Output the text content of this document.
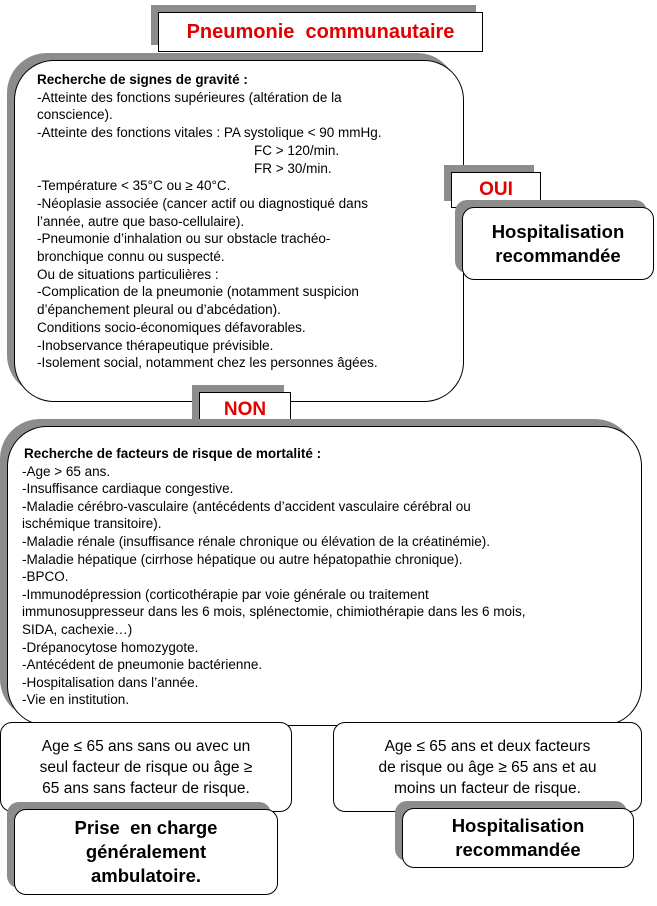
Pneumonie  communautaire
Recherche de signes de gravité :
-Atteinte des fonctions supérieures (altération de la
conscience).
-Atteinte des fonctions vitales : PA systolique < 90 mmHg.
FC > 120/min.
FR > 30/min.
-Température < 35°C ou ≥ 40°C.
-Néoplasie associée (cancer actif ou diagnostiqué dans
l’année, autre que baso-cellulaire).
-Pneumonie d’inhalation ou sur obstacle trachéo-
bronchique connu ou suspecté.
Ou de situations particulières :
-Complication de la pneumonie (notamment suspicion
d’épanchement pleural ou d’abcédation).
Conditions socio-économiques défavorables.
-Inobservance thérapeutique prévisible.
-Isolement social, notamment chez les personnes âgées.
OUI
Hospitalisation
recommandée
NON
Recherche de facteurs de risque de mortalité :
-Age > 65 ans.
-Insuffisance cardiaque congestive.
-Maladie cérébro-vasculaire (antécédents d’accident vasculaire cérébral ou
ischémique transitoire).
-Maladie rénale (insuffisance rénale chronique ou élévation de la créatinémie).
-Maladie hépatique (cirrhose hépatique ou autre hépatopathie chronique).
-BPCO.
-Immunodépression (corticothérapie par voie générale ou traitement
immunosuppresseur dans les 6 mois, splénectomie, chimiothérapie dans les 6 mois,
SIDA, cachexie…)
-Drépanocytose homozygote.
-Antécédent de pneumonie bactérienne.
-Hospitalisation dans l’année.
-Vie en institution.
Age ≤ 65 ans sans ou avec un
seul facteur de risque ou âge ≥
65 ans sans facteur de risque.
Age ≤ 65 ans et deux facteurs
de risque ou âge ≥ 65 ans et au
moins un facteur de risque.
Prise  en charge
généralement
ambulatoire.
Hospitalisation
recommandée
